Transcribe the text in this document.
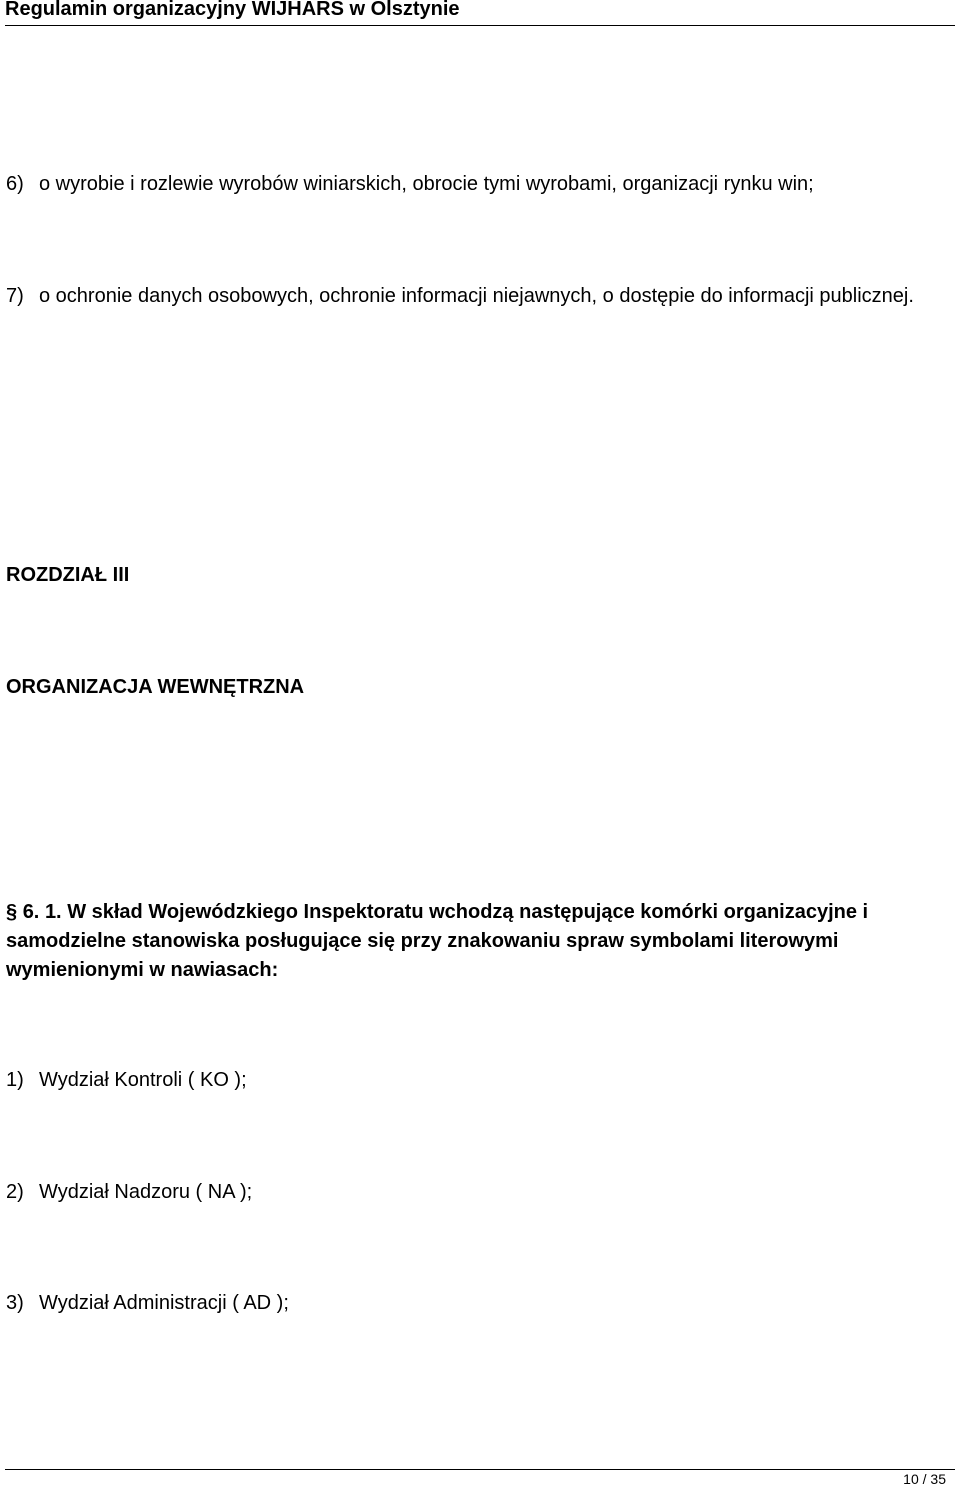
Regulamin organizacyjny WIJHARS w Olsztynie

6) o wyrobie i rozlewie wyrobów winiarskich, obrocie tymi wyrobami, organizacji rynku win;

7) o ochronie danych osobowych, ochronie informacji niejawnych, o dostępie do informacji publicznej.

ROZDZIAŁ III

ORGANIZACJA WEWNĘTRZNA

§ 6. 1. W skład Wojewódzkiego Inspektoratu wchodzą następujące komórki organizacyjne i samodzielne stanowiska posługujące się przy znakowaniu spraw symbolami literowymi wymienionymi w nawiasach:

1) Wydział Kontroli ( KO );

2) Wydział Nadzoru ( NA );

3) Wydział Administracji ( AD );

10 / 35
